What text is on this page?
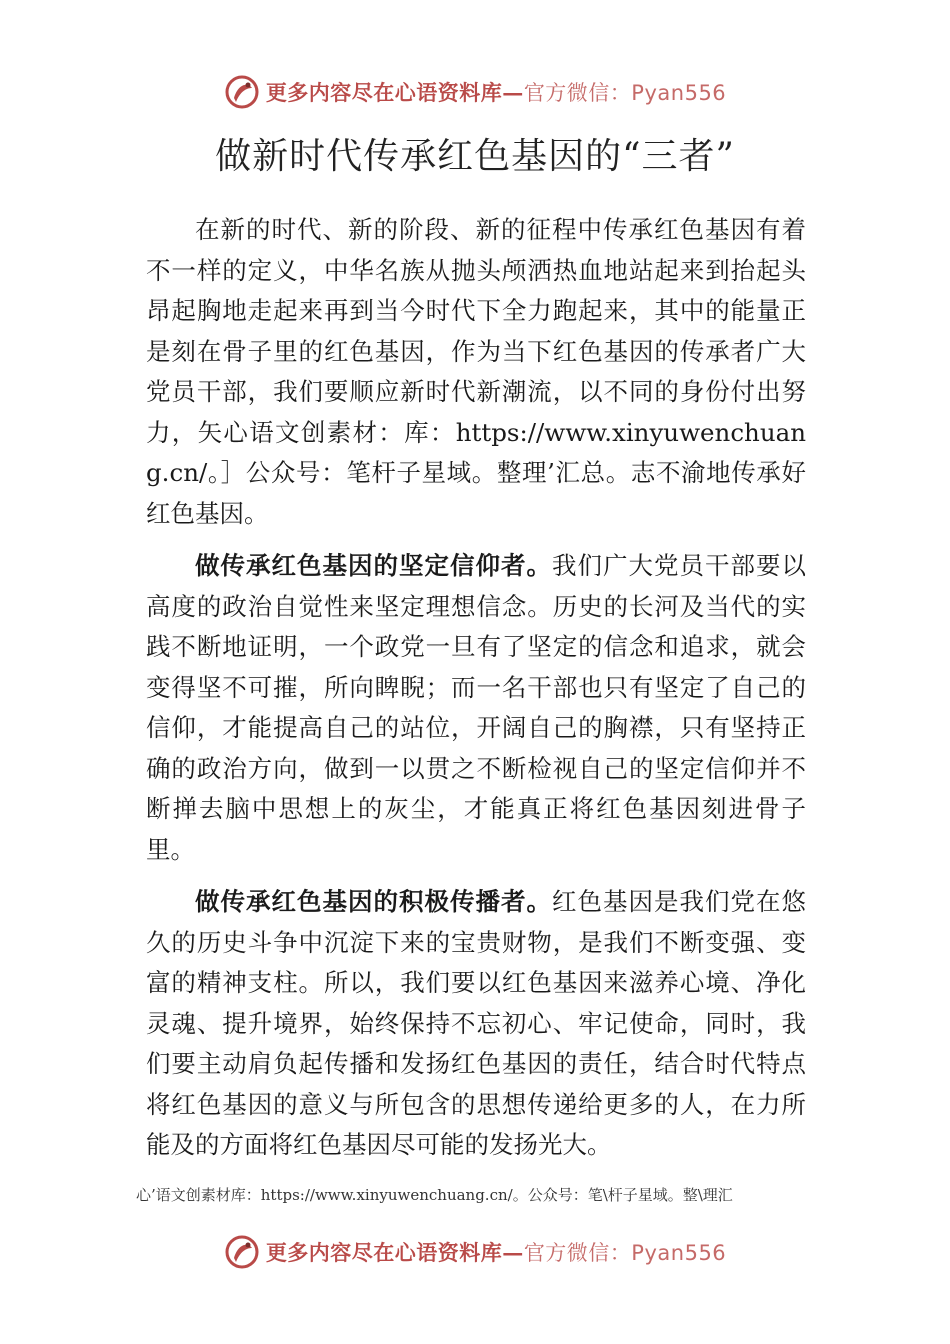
更多内容尽在心语资料库— 官方微信：Pyan556
做新时代传承红色基因的“三者”

在新的时代、新的阶段、新的征程中传承红色基因有着不一样的定义，中华名族从抛头颅洒热血地站起来到抬起头昂起胸地走起来再到当今时代下全力跑起来，其中的能量正是刻在骨子里的红色基因，作为当下红色基因的传承者广大党员干部，我们要顺应新时代新潮流，以不同的身份付出努力，矢心语文创素材：库：https://www.xinyuwenchuang.cn/。］公众号：笔杆子星域。整理’汇总。志不渝地传承好红色基因。

做传承红色基因的坚定信仰者。我们广大党员干部要以高度的政治自觉性来坚定理想信念。历史的长河及当代的实践不断地证明，一个政党一旦有了坚定的信念和追求，就会变得坚不可摧，所向睥睨；而一名干部也只有坚定了自己的信仰，才能提高自己的站位，开阔自己的胸襟，只有坚持正确的政治方向，做到一以贯之不断检视自己的坚定信仰并不断掸去脑中思想上的灰尘，才能真正将红色基因刻进骨子里。

做传承红色基因的积极传播者。红色基因是我们党在悠久的历史斗争中沉淀下来的宝贵财物，是我们不断变强、变富的精神支柱。所以，我们要以红色基因来滋养心境、净化灵魂、提升境界，始终保持不忘初心、牢记使命，同时，我们要主动肩负起传播和发扬红色基因的责任，结合时代特点将红色基因的意义与所包含的思想传递给更多的人，在力所能及的方面将红色基因尽可能的发扬光大。

心’语文创素材库：https://www.xinyuwenchuang.cn/。公众号：笔\杆子星域。整\理汇
更多内容尽在心语资料库— 官方微信：Pyan556
